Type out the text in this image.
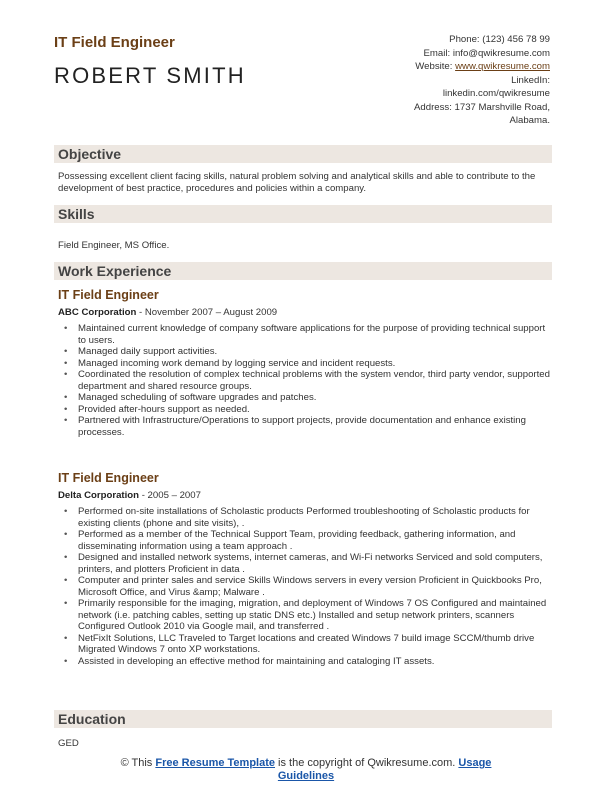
IT Field Engineer
ROBERT SMITH
Phone: (123) 456 78 99
Email: info@qwikresume.com
Website: www.qwikresume.com
LinkedIn:
linkedin.com/qwikresume
Address: 1737 Marshville Road,
Alabama.
Objective
Possessing excellent client facing skills, natural problem solving and analytical skills and able to contribute to the development of best practice, procedures and policies within a company.
Skills
Field Engineer, MS Office.
Work Experience
IT Field Engineer
ABC Corporation - November 2007 – August 2009
• Maintained current knowledge of company software applications for the purpose of providing technical support to users.
• Managed daily support activities.
• Managed incoming work demand by logging service and incident requests.
• Coordinated the resolution of complex technical problems with the system vendor, third party vendor, supported department and shared resource groups.
• Managed scheduling of software upgrades and patches.
• Provided after-hours support as needed.
• Partnered with Infrastructure/Operations to support projects, provide documentation and enhance existing processes.
IT Field Engineer
Delta Corporation - 2005 – 2007
• Performed on-site installations of Scholastic products Performed troubleshooting of Scholastic products for existing clients (phone and site visits), .
• Performed as a member of the Technical Support Team, providing feedback, gathering information, and disseminating information using a team approach .
• Designed and installed network systems, internet cameras, and Wi-Fi networks Serviced and sold computers, printers, and plotters Proficient in data .
• Computer and printer sales and service Skills Windows servers in every version Proficient in Quickbooks Pro, Microsoft Office, and Virus &amp; Malware .
• Primarily responsible for the imaging, migration, and deployment of Windows 7 OS Configured and maintained network (i.e. patching cables, setting up static DNS etc.) Installed and setup network printers, scanners Configured Outlook 2010 via Google mail, and transferred .
• NetFixIt Solutions, LLC Traveled to Target locations and created Windows 7 build image SCCM/thumb drive Migrated Windows 7 onto XP workstations.
• Assisted in developing an effective method for maintaining and cataloging IT assets.
Education
GED
© This Free Resume Template is the copyright of Qwikresume.com. Usage
Guidelines
